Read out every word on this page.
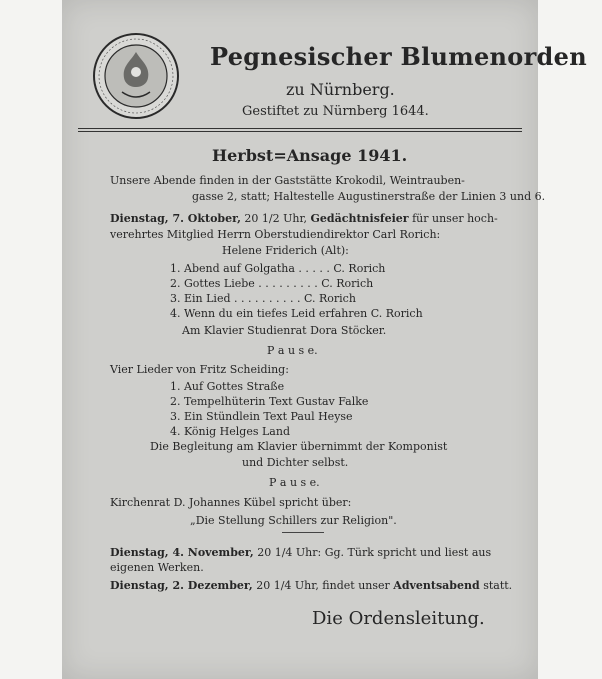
Pegnesischer Blumenorden
zu Nürnberg.
Gestiftet zu Nürnberg 1644.
Herbst=Ansage 1941.
Unsere Abende finden in der Gaststätte Krokodil, Weintrauben-
gasse 2, statt; Haltestelle Augustinerstraße der Linien 3 und 6.
Dienstag, 7. Oktober, 20 1/2 Uhr, Gedächtnisfeier für unser hoch-
verehrtes Mitglied Herrn Oberstudiendirektor Carl Rorich:
Helene Friderich (Alt):
1. Abend auf Golgatha . . . . . C. Rorich
2. Gottes Liebe . . . . . . . . . C. Rorich
3. Ein Lied . . . . . . . . . . C. Rorich
4. Wenn du ein tiefes Leid erfahren C. Rorich
Am Klavier Studienrat Dora Stöcker.
P a u s e.
Vier Lieder von Fritz Scheiding:
1. Auf Gottes Straße
2. Tempelhüterin Text Gustav Falke
3. Ein Stündlein Text Paul Heyse
4. König Helges Land
Die Begleitung am Klavier übernimmt der Komponist
und Dichter selbst.
P a u s e.
Kirchenrat D. Johannes Kübel spricht über:
„Die Stellung Schillers zur Religion".
Dienstag, 4. November, 20 1/4 Uhr: Gg. Türk spricht und liest aus
eigenen Werken.
Dienstag, 2. Dezember, 20 1/4 Uhr, findet unser Adventsabend statt.
Die Ordensleitung.
